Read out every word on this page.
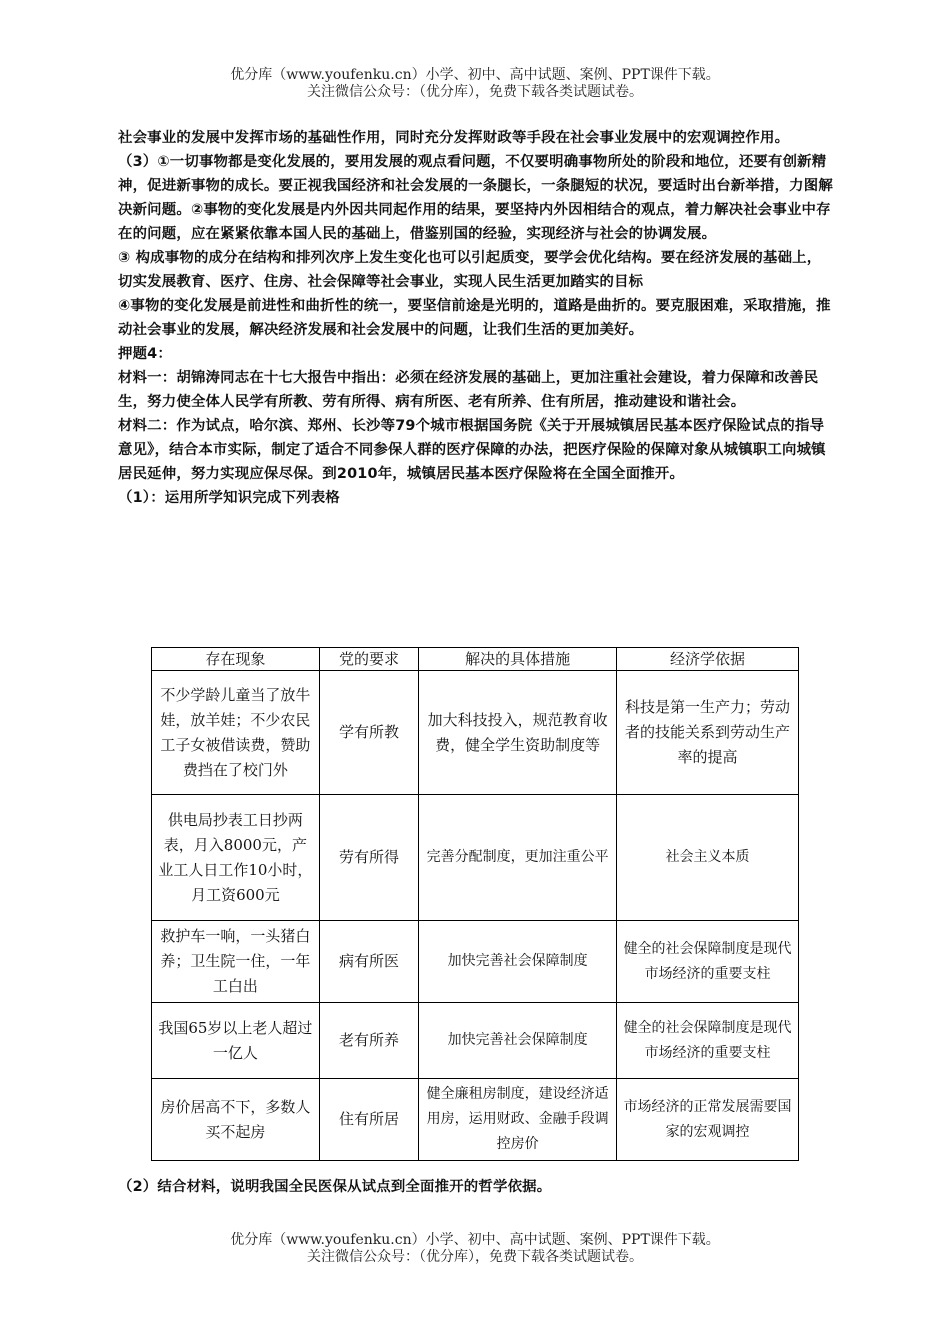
优分库（www.youfenku.cn）小学、初中、高中试题、案例、PPT课件下载。
关注微信公众号：（优分库），免费下载各类试题试卷。

社会事业的发展中发挥市场的基础性作用，同时充分发挥财政等手段在社会事业发展中的宏观调控作用。

（3）①一切事物都是变化发展的，要用发展的观点看问题，不仅要明确事物所处的阶段和地位，还要有创新精神，促进新事物的成长。要正视我国经济和社会发展的一条腿长，一条腿短的状况，要适时出台新举措，力图解决新问题。②事物的变化发展是内外因共同起作用的结果，要坚持内外因相结合的观点，着力解决社会事业中存在的问题，应在紧紧依靠本国人民的基础上，借鉴别国的经验，实现经济与社会的协调发展。

③ 构成事物的成分在结构和排列次序上发生变化也可以引起质变，要学会优化结构。要在经济发展的基础上，切实发展教育、医疗、住房、社会保障等社会事业，实现人民生活更加踏实的目标

④事物的变化发展是前进性和曲折性的统一，要坚信前途是光明的，道路是曲折的。要克服困难，采取措施，推动社会事业的发展，解决经济发展和社会发展中的问题，让我们生活的更加美好。

押题4：

材料一：胡锦涛同志在十七大报告中指出：必须在经济发展的基础上，更加注重社会建设，着力保障和改善民生，努力使全体人民学有所教、劳有所得、病有所医、老有所养、住有所居，推动建设和谐社会。

材料二：作为试点，哈尔滨、郑州、长沙等79个城市根据国务院《关于开展城镇居民基本医疗保险试点的指导意见》，结合本市实际，制定了适合不同参保人群的医疗保障的办法，把医疗保险的保障对象从城镇职工向城镇居民延伸，努力实现应保尽保。到2010年，城镇居民基本医疗保险将在全国全面推开。

（1）：运用所学知识完成下列表格

存在现象	党的要求	解决的具体措施	经济学依据
不少学龄儿童当了放牛娃，放羊娃；不少农民工子女被借读费，赞助费挡在了校门外	学有所教	加大科技投入，规范教育收费，健全学生资助制度等	科技是第一生产力；劳动者的技能关系到劳动生产率的提高
供电局抄表工日抄两表，月入8000元，产业工人日工作10小时，月工资600元	劳有所得	完善分配制度，更加注重公平	社会主义本质
救护车一响，一头猪白养；卫生院一住，一年工白出	病有所医	加快完善社会保障制度	健全的社会保障制度是现代市场经济的重要支柱
我国65岁以上老人超过一亿人	老有所养	加快完善社会保障制度	健全的社会保障制度是现代市场经济的重要支柱
房价居高不下，多数人买不起房	住有所居	健全廉租房制度，建设经济适用房，运用财政、金融手段调控房价	市场经济的正常发展需要国家的宏观调控

（2）结合材料，说明我国全民医保从试点到全面推开的哲学依据。

优分库（www.youfenku.cn）小学、初中、高中试题、案例、PPT课件下载。
关注微信公众号：（优分库），免费下载各类试题试卷。
